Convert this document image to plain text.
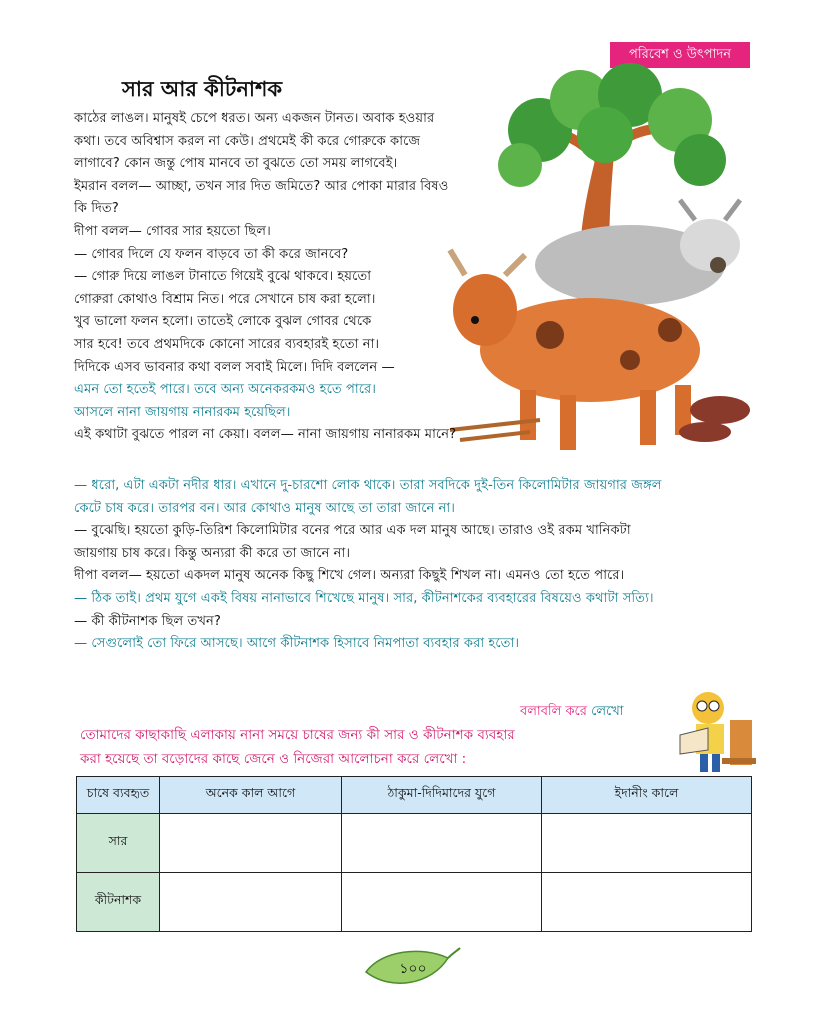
পরিবেশ ও উৎপাদন
সার আর কীটনাশক
কাঠের লাঙল। মানুষই চেপে ধরত। অন্য একজন টানত। অবাক হওয়ার
কথা। তবে অবিশ্বাস করল না কেউ। প্রথমেই কী করে গোরুকে কাজে
লাগাবে? কোন জন্তু পোষ মানবে তা বুঝতে তো সময় লাগবেই।
ইমরান বলল— আচ্ছা, তখন সার দিত জমিতে? আর পোকা মারার বিষও
কি দিত?
দীপা বলল— গোবর সার হয়তো ছিল।
— গোবর দিলে যে ফলন বাড়বে তা কী করে জানবে?
— গোরু দিয়ে লাঙল টানাতে গিয়েই বুঝে থাকবে। হয়তো
গোরুরা কোথাও বিশ্রাম নিত। পরে সেখানে চাষ করা হলো।
খুব ভালো ফলন হলো। তাতেই লোকে বুঝল গোবর থেকে
সার হবে! তবে প্রথমদিকে কোনো সারের ব্যবহারই হতো না।
দিদিকে এসব ভাবনার কথা বলল সবাই মিলে। দিদি বললেন —
এমন তো হতেই পারে। তবে অন্য অনেকরকমও হতে পারে।
আসলে নানা জায়গায় নানারকম হয়েছিল।
এই কথাটা বুঝতে পারল না কেয়া। বলল— নানা জায়গায় নানারকম মানে?
— ধরো, এটা একটা নদীর ধার। এখানে দু-চারশো লোক থাকে। তারা সবদিকে দুই-তিন কিলোমিটার জায়গার জঙ্গল
কেটে চাষ করে। তারপর বন। আর কোথাও মানুষ আছে তা তারা জানে না।
— বুঝেছি। হয়তো কুড়ি-তিরিশ কিলোমিটার বনের পরে আর এক দল মানুষ আছে। তারাও ওই রকম খানিকটা
জায়গায় চাষ করে। কিন্তু অন্যরা কী করে তা জানে না।
দীপা বলল— হয়তো একদল মানুষ অনেক কিছু শিখে গেল। অন্যরা কিছুই শিখল না। এমনও তো হতে পারে।
— ঠিক তাই। প্রথম যুগে একই বিষয় নানাভাবে শিখেছে মানুষ। সার, কীটনাশকের ব্যবহারের বিষয়েও কথাটা সত্যি।
— কী কীটনাশক ছিল তখন?
— সেগুলোই তো ফিরে আসছে। আগে কীটনাশক হিসাবে নিমপাতা ব্যবহার করা হতো।
বলাবলি করে লেখো
তোমাদের কাছাকাছি এলাকায় নানা সময়ে চাষের জন্য কী সার ও কীটনাশক ব্যবহার
করা হয়েছে তা বড়োদের কাছে জেনে ও নিজেরা আলোচনা করে লেখো :
চাষে ব্যবহৃত	অনেক কাল আগে	ঠাকুমা-দিদিমাদের যুগে	ইদানীং কালে
সার			
কীটনাশক			
১০০
